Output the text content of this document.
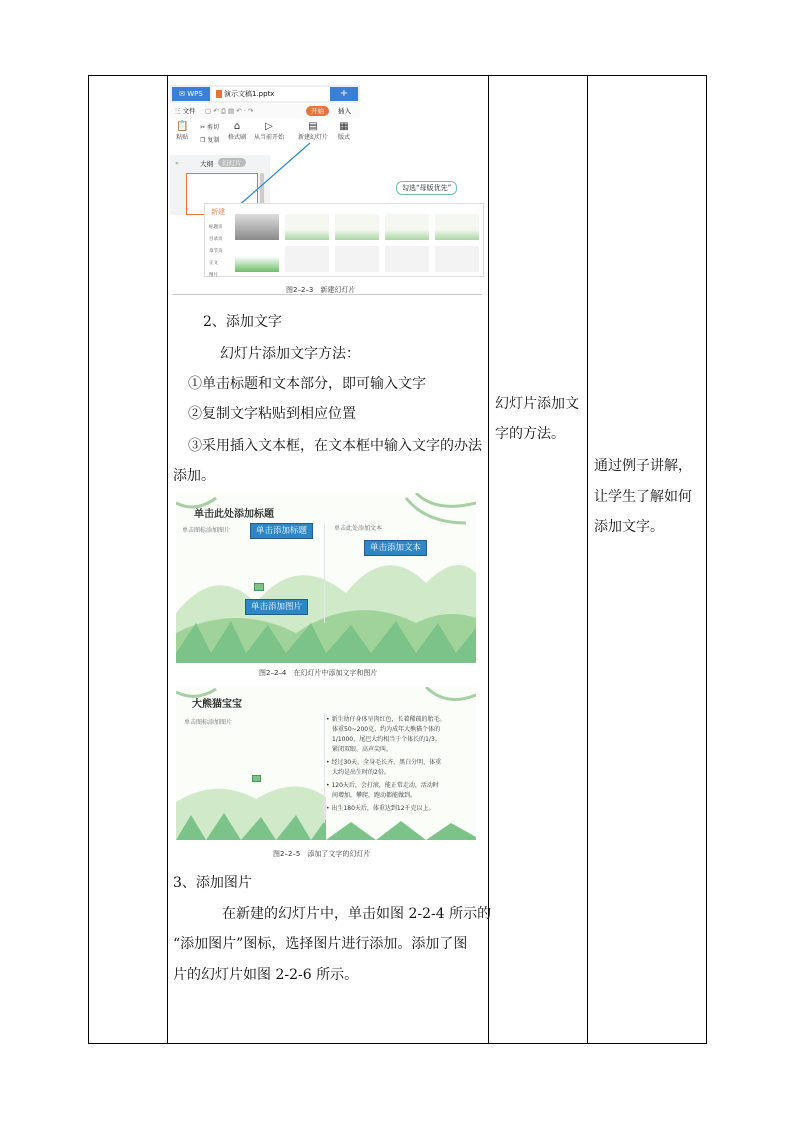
✉ WPS	演示文稿1.pptx	+
三 文件 ▢ ↶ ⎙ ▤ ↶ · ↷	开始	插入
📋
粘贴
✂ 剪切
❐ 复制
⌂
格式刷
▷
从当前开始
▤
新建幻灯片
▦
版式
«	大纲	幻灯片
勾选“母版优先”
新建
标题页
目录页
章节页
正文
图片
图2–2–3　新建幻灯片
2、添加文字
幻灯片添加文字方法：
①单击标题和文本部分，即可输入文字
②复制文字粘贴到相应位置
③采用插入文本框，在文本框中输入文字的办法
添加。
单击此处添加标题
单击图标添加图片	单击此处添加文本
单击添加标题
单击添加文本
单击添加图片
图2–2–4　在幻灯片中添加文字和图片
大熊猫宝宝
单击图标添加图片	• 新生幼仔身体呈肉红色，长着稀疏的胎毛。
体重50~200克，约为成年大熊猫个体的
1/1000，尾巴大约相当于个体长的1/3。
紧闭双眼，高声尖叫。
• 经过30天，全身毛长齐，黑白分明，体重
大约是出生时的2倍。
• 120天后，会打滚，能正常走动，活动时
间增加，攀爬，跑动都能做到。
• 出生180天后，体重达到12千克以上。
图2–2–5　添加了文字的幻灯片
3、添加图片
在新建的幻灯片中，单击如图 2-2-4 所示的
“添加图片”图标，选择图片进行添加。添加了图
片的幻灯片如图 2-2-6 所示。
幻灯片添加文
字的方法。
通过例子讲解，
让学生了解如何
添加文字。
